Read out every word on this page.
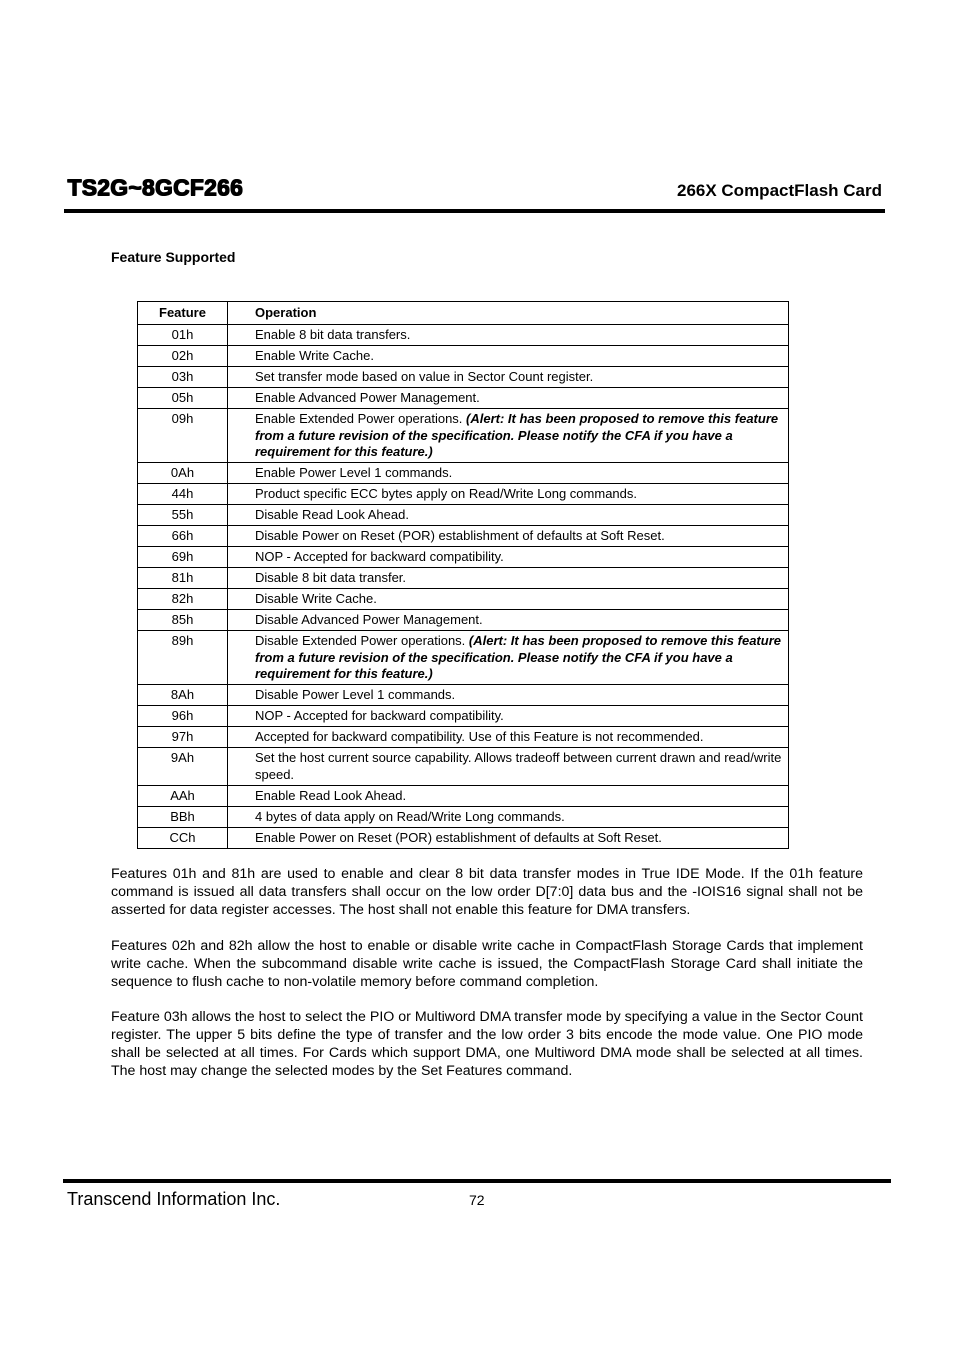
TS2G~8GCF266	266X CompactFlash Card
Feature Supported
Feature	Operation
01h	Enable 8 bit data transfers.
02h	Enable Write Cache.
03h	Set transfer mode based on value in Sector Count register.
05h	Enable Advanced Power Management.
09h	Enable Extended Power operations. (Alert: It has been proposed to remove this feature from a future revision of the specification. Please notify the CFA if you have a requirement for this feature.)
0Ah	Enable Power Level 1 commands.
44h	Product specific ECC bytes apply on Read/Write Long commands.
55h	Disable Read Look Ahead.
66h	Disable Power on Reset (POR) establishment of defaults at Soft Reset.
69h	NOP - Accepted for backward compatibility.
81h	Disable 8 bit data transfer.
82h	Disable Write Cache.
85h	Disable Advanced Power Management.
89h	Disable Extended Power operations. (Alert: It has been proposed to remove this feature from a future revision of the specification. Please notify the CFA if you have a requirement for this feature.)
8Ah	Disable Power Level 1 commands.
96h	NOP - Accepted for backward compatibility.
97h	Accepted for backward compatibility. Use of this Feature is not recommended.
9Ah	Set the host current source capability. Allows tradeoff between current drawn and read/write speed.
AAh	Enable Read Look Ahead.
BBh	4 bytes of data apply on Read/Write Long commands.
CCh	Enable Power on Reset (POR) establishment of defaults at Soft Reset.

Features 01h and 81h are used to enable and clear 8 bit data transfer modes in True IDE Mode. If the 01h feature command is issued all data transfers shall occur on the low order D[7:0] data bus and the -IOIS16 signal shall not be asserted for data register accesses. The host shall not enable this feature for DMA transfers.

Features 02h and 82h allow the host to enable or disable write cache in CompactFlash Storage Cards that implement write cache. When the subcommand disable write cache is issued, the CompactFlash Storage Card shall initiate the sequence to flush cache to non-volatile memory before command completion.

Feature 03h allows the host to select the PIO or Multiword DMA transfer mode by specifying a value in the Sector Count register. The upper 5 bits define the type of transfer and the low order 3 bits encode the mode value. One PIO mode shall be selected at all times. For Cards which support DMA, one Multiword DMA mode shall be selected at all times. The host may change the selected modes by the Set Features command.

Transcend Information Inc.	72
